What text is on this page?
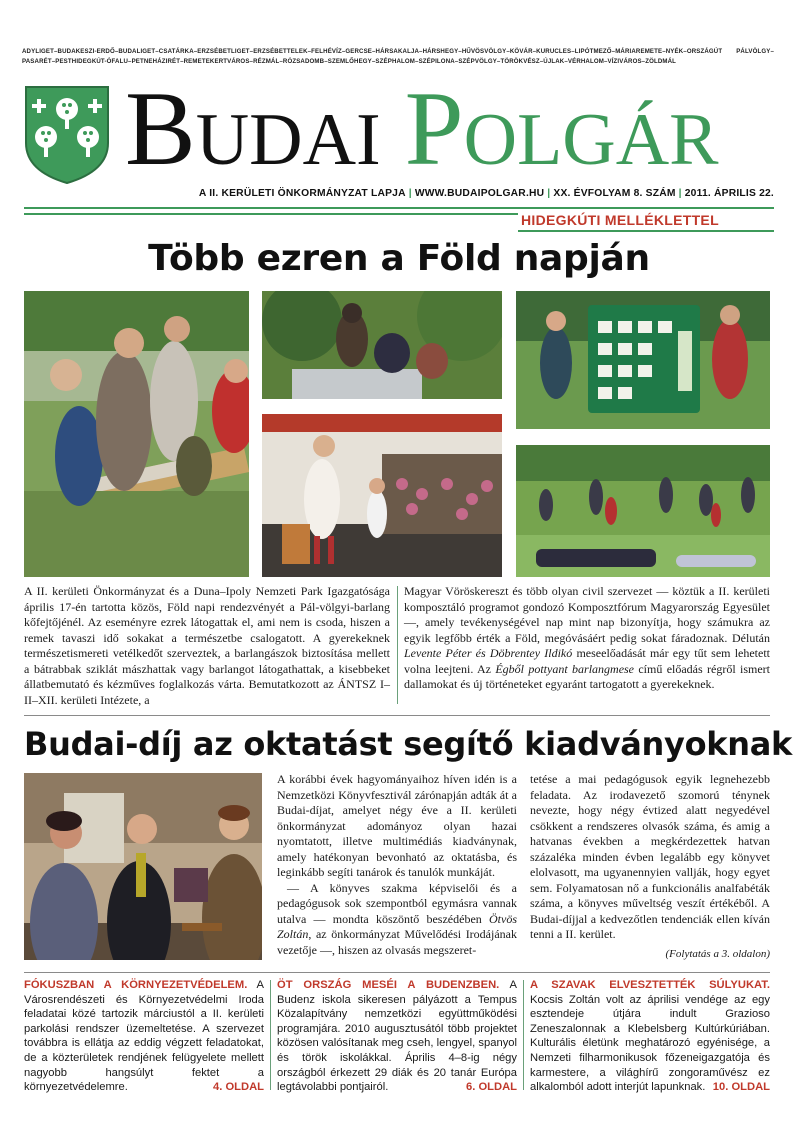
ADYLIGET–BUDAKESZI-ERDŐ–BUDALIGET–CSATÁRKA–ERZSÉBETLIGET–ERZSÉBETTELEK–FELHÉVÍZ–GERCSE–HÁRSAKALJA–HÁRSHEGY–HŰVÖSVÖLGY–KÖVÁR–KURUCLES–LIPÓTMEZŐ–MÁRIAREMETE–NYÉK–ORSZÁGÚT PÁLVÖLGY–PASARÉT–PESTHIDEGKÚT-ÓFALU–PETNEHÁZIRÉT–REMETEKERTVÁROS–RÉZMÁL–RÓZSADOMB–SZEMLŐHEGY–SZÉPHALOM–SZÉPILONA–SZÉPVÖLGY–TÖRÖKVÉSZ–ÚJLAK–VÉRHALOM–VÍZIVÁROS–ZÖLDMÁL
Budai Polgár
A II. KERÜLETI ÖNKORMÁNYZAT LAPJA | WWW.BUDAIPOLGAR.HU | XX. ÉVFOLYAM 8. SZÁM | 2011. ÁPRILIS 22.
HIDEGKÚTI MELLÉKLETTEL
Több ezren a Föld napján

A II. kerületi Önkormányzat és a Duna–Ipoly Nemzeti Park Igazgatósága április 17-én tartotta közös, Föld napi rendezvényét a Pál-völgyi-barlang kőfejtőjénél. Az eseményre ezrek látogattak el, ami nem is csoda, hiszen a remek tavaszi idő sokakat a természetbe csalogatott. A gyerekeknek természetismereti vetélkedőt szerveztek, a barlangászok biztosítása mellett a bátrabbak sziklát mászhattak vagy barlangot látogathattak, a kisebbeket állatbemutató és kézműves foglalkozás várta. Bemutatkozott az ÁNTSZ I–II–XII. kerületi Intézete, a

Magyar Vöröskereszt és több olyan civil szervezet — köztük a II. kerületi komposztáló programot gondozó Komposztfórum Magyarország Egyesület —, amely tevékenységével nap mint nap bizonyítja, hogy számukra az egyik legfőbb érték a Föld, megóvásáért pedig sokat fáradoznak. Délután Levente Péter és Döbrentey Ildikó meseelőadását már egy tűt sem lehetett volna leejteni. Az Égből pottyant barlangmese című előadás régről ismert dallamokat és új történeteket egyaránt tartogatott a gyerekeknek.

Budai-díj az oktatást segítő kiadványoknak

A korábbi évek hagyományaihoz híven idén is a Nemzetközi Könyvfesztivál zárónapján adták át a Budai-díjat, amelyet négy éve a II. kerületi önkormányzat adományoz olyan hazai nyomtatott, illetve multimédiás kiadványnak, amely hatékonyan bevonható az oktatásba, és leginkább segíti tanárok és tanulók munkáját.

— A könyves szakma képviselői és a pedagógusok sok szempontból egymásra vannak utalva — mondta köszöntő beszédében Ötvös Zoltán, az önkormányzat Művelődési Irodájának vezetője —, hiszen az olvasás megszeret-

tetése a mai pedagógusok egyik legnehezebb feladata. Az irodavezető szomorú ténynek nevezte, hogy négy évtized alatt negyedével csökkent a rendszeres olvasók száma, és amig a hatvanas években a megkérdezettek hatvan százaléka minden évben legalább egy könyvet elolvasott, ma ugyanennyien vallják, hogy egyet sem. Folyamatosan nő a funkcionális analfabéták száma, a könyves műveltség veszít értékéből. A Budai-díjjal a kedvezőtlen tendenciák ellen kíván tenni a II. kerület.

(Folytatás a 3. oldalon)

FÓKUSZBAN A KÖRNYEZETVÉDELEM. A Városrendészeti és Környezetvédelmi Iroda feladatai közé tartozik márciustól a II. kerületi parkolási rendszer üzemeltetése. A szervezet továbbra is ellátja az eddig végzett feladatokat, de a közterületek rendjének felügyelete mellett nagyobb hangsúlyt fektet a környezetvédelemre.	4. OLDAL
ÖT ORSZÁG MESÉI A BUDENZBEN. A Budenz iskola sikeresen pályázott a Tempus Közalapítvány nemzetközi együttműködési programjára. 2010 augusztusától több projektet közösen valósítanak meg cseh, lengyel, spanyol és török iskolákkal. Április 4–8-ig négy országból érkezett 29 diák és 20 tanár Európa legtávolabbi pontjairól.	6. OLDAL
A SZAVAK ELVESZTETTÉK SÚLYUKAT. Kocsis Zoltán volt az áprilisi vendége az egy esztendeje útjára indult Grazioso Zeneszalonnak a Klebelsberg Kultúrkúriában. Kulturális életünk meghatározó egyénisége, a Nemzeti filharmonikusok főzeneigazgatója és karmestere, a világhírű zongoraművész ez alkalomból adott interjút lapunknak. 10. OLDAL
